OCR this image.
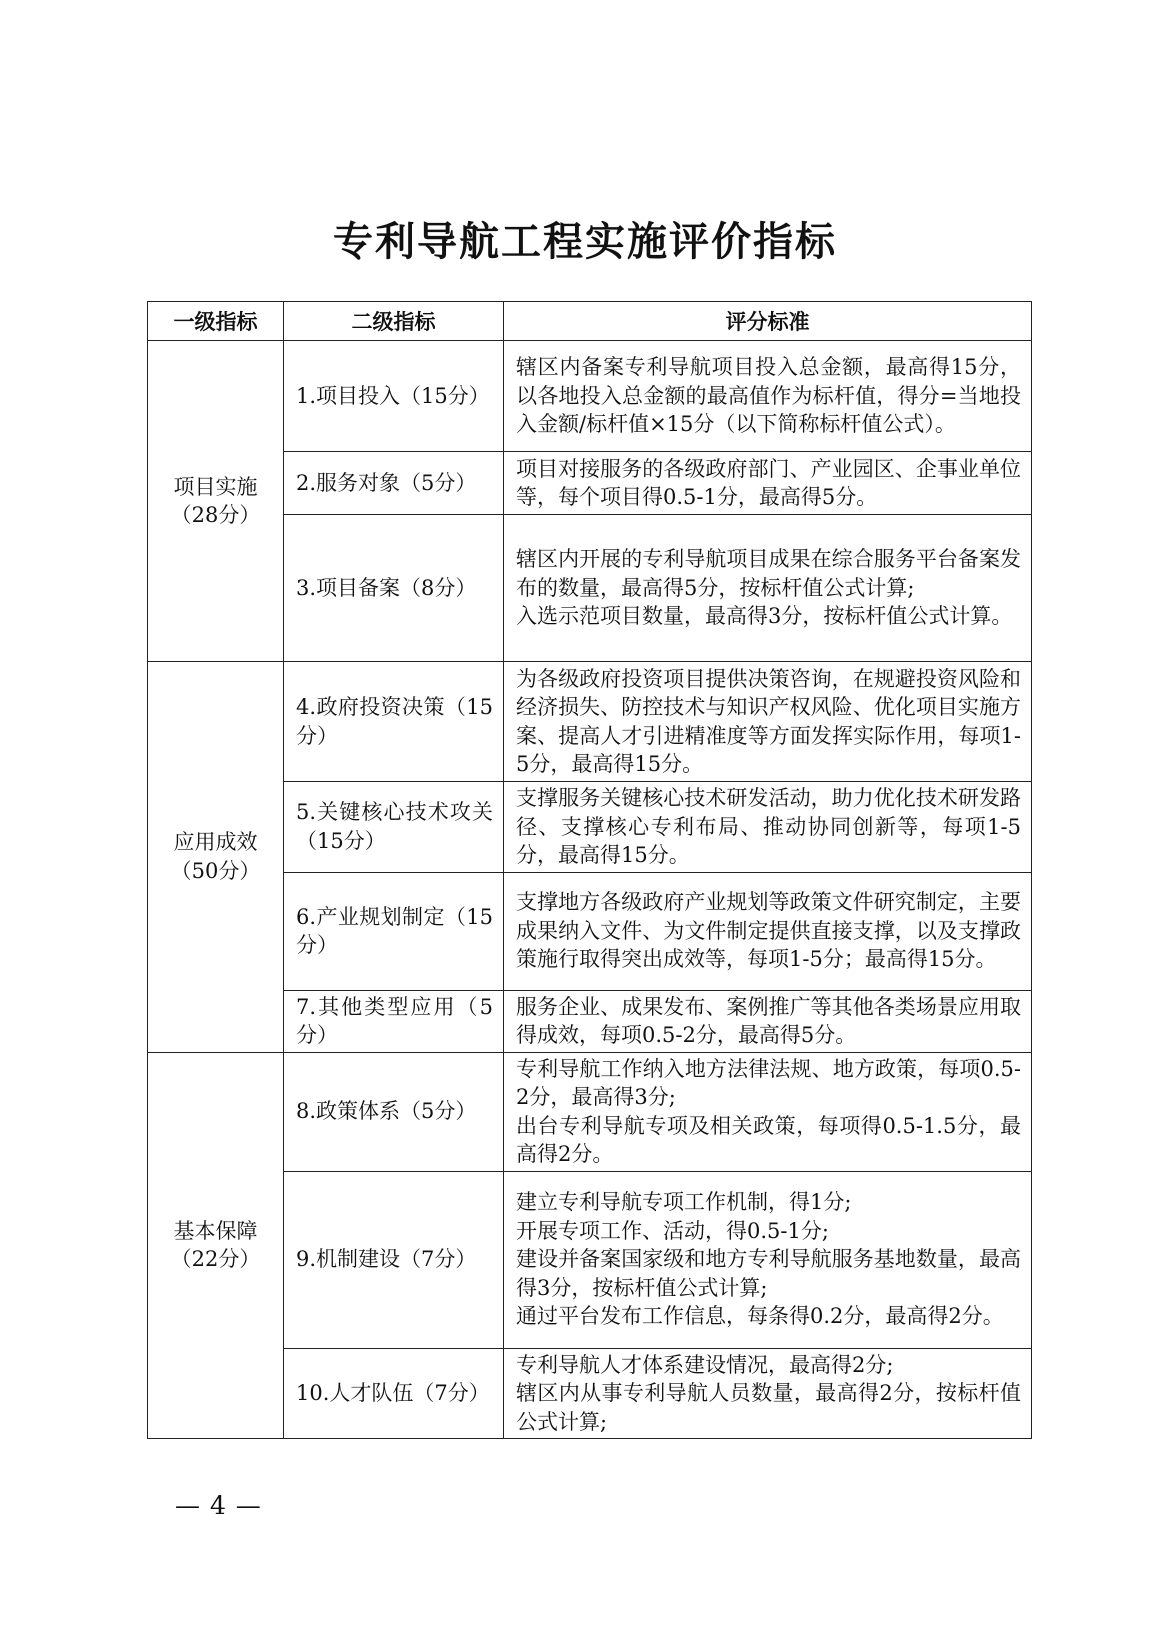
专利导航工程实施评价指标
一级指标	二级指标	评分标准

项目实施
（28分）	1.项目投入（15分）	辖区内备案专利导航项目投入总金额，最高得15分，以各地投入总金额的最高值作为标杆值，得分=当地投入金额/标杆值×15分（以下简称标杆值公式）。

	2.服务对象（5分）	项目对接服务的各级政府部门、产业园区、企事业单位等，每个项目得0.5-1分，最高得5分。

	3.项目备案（8分）	辖区内开展的专利导航项目成果在综合服务平台备案发布的数量，最高得5分，按标杆值公式计算;
入选示范项目数量，最高得3分，按标杆值公式计算。

应用成效
（50分）	4.政府投资决策（15分）	为各级政府投资项目提供决策咨询，在规避投资风险和经济损失、防控技术与知识产权风险、优化项目实施方案、提高人才引进精准度等方面发挥实际作用，每项1-5分，最高得15分。

	5.关键核心技术攻关（15分）	支撑服务关键核心技术研发活动，助力优化技术研发路径、支撑核心专利布局、推动协同创新等，每项1-5分，最高得15分。

	6.产业规划制定（15分）	支撑地方各级政府产业规划等政策文件研究制定，主要成果纳入文件、为文件制定提供直接支撑，以及支撑政策施行取得突出成效等，每项1-5分；最高得15分。

	7.其他类型应用（5分）	服务企业、成果发布、案例推广等其他各类场景应用取得成效，每项0.5-2分，最高得5分。

基本保障
（22分）	8.政策体系（5分）	专利导航工作纳入地方法律法规、地方政策，每项0.5-2分，最高得3分;
出台专利导航专项及相关政策，每项得0.5-1.5分，最高得2分。

	9.机制建设（7分）	建立专利导航专项工作机制，得1分;
开展专项工作、活动，得0.5-1分;
建设并备案国家级和地方专利导航服务基地数量，最高得3分，按标杆值公式计算;
通过平台发布工作信息，每条得0.2分，最高得2分。

	10.人才队伍（7分）	专利导航人才体系建设情况，最高得2分;
辖区内从事专利导航人员数量，最高得2分，按标杆值公式计算;
— 4 —
